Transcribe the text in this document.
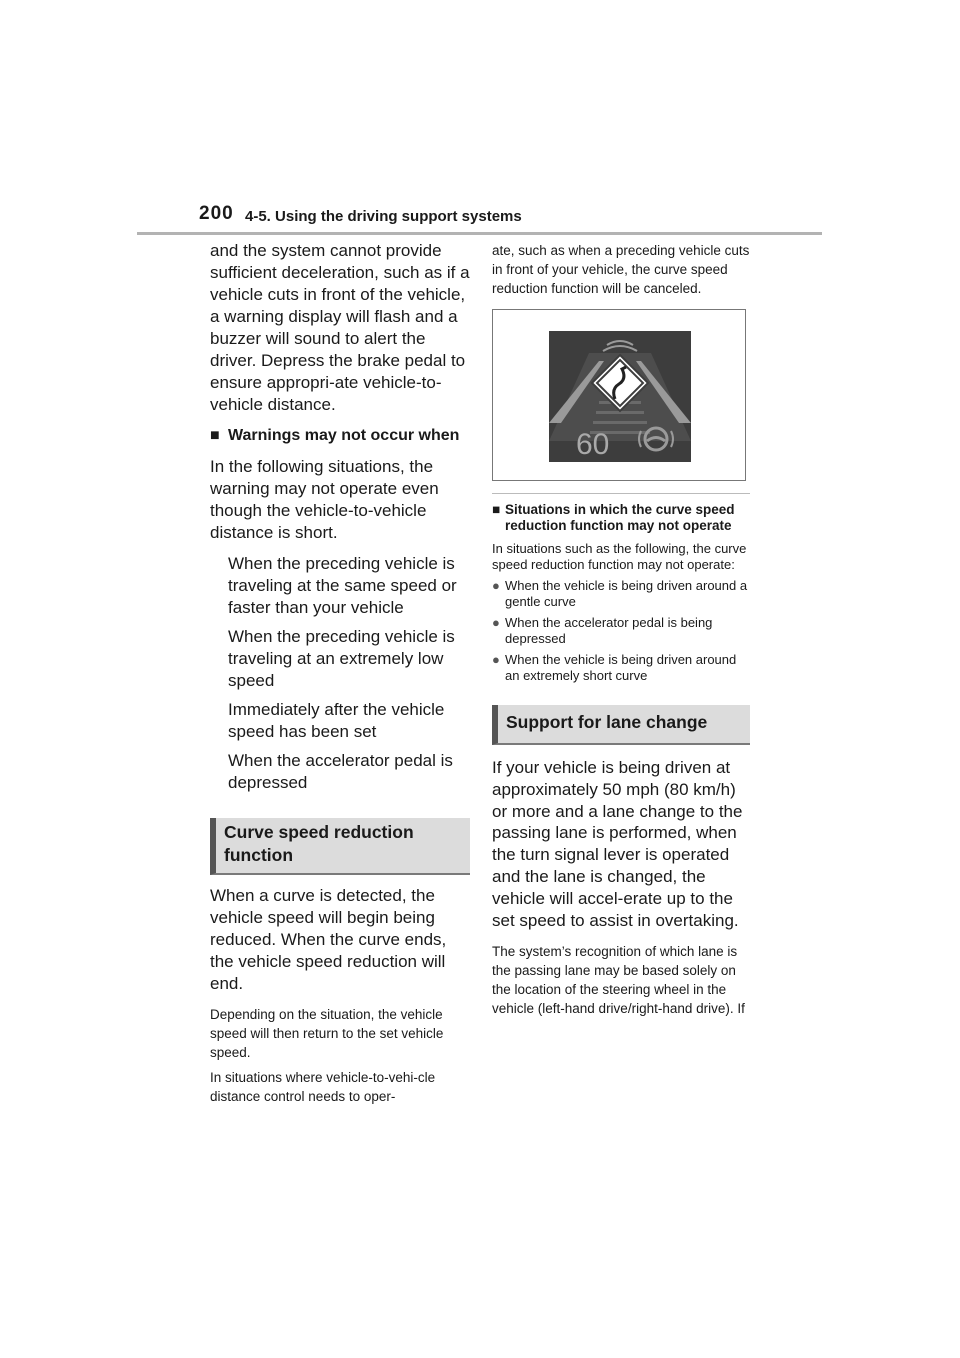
200 4-5. Using the driving support systems

and the system cannot provide sufficient deceleration, such as if a vehicle cuts in front of the vehicle, a warning display will flash and a buzzer will sound to alert the driver. Depress the brake pedal to ensure appropri-ate vehicle-to-vehicle distance.

■ Warnings may not occur when

In the following situations, the warning may not operate even though the vehicle-to-vehicle distance is short.

When the preceding vehicle is traveling at the same speed or faster than your vehicle
When the preceding vehicle is traveling at an extremely low speed
Immediately after the vehicle speed has been set
When the accelerator pedal is depressed
Curve speed reduction function

When a curve is detected, the vehicle speed will begin being reduced. When the curve ends, the vehicle speed reduction will end.

Depending on the situation, the vehicle speed will then return to the set vehicle speed.

In situations where vehicle-to-vehi-cle distance control needs to oper-

ate, such as when a preceding vehicle cuts in front of your vehicle, the curve speed reduction function will be canceled.

60
■ Situations in which the curve speed reduction function may not operate

In situations such as the following, the curve speed reduction function may not operate:

● When the vehicle is being driven around a gentle curve
● When the accelerator pedal is being depressed
● When the vehicle is being driven around an extremely short curve
Support for lane change

If your vehicle is being driven at approximately 50 mph (80 km/h) or more and a lane change to the passing lane is performed, when the turn signal lever is operated and the lane is changed, the vehicle will accel-erate up to the set speed to assist in overtaking.

The system’s recognition of which lane is the passing lane may be based solely on the location of the steering wheel in the vehicle (left-hand drive/right-hand drive). If
